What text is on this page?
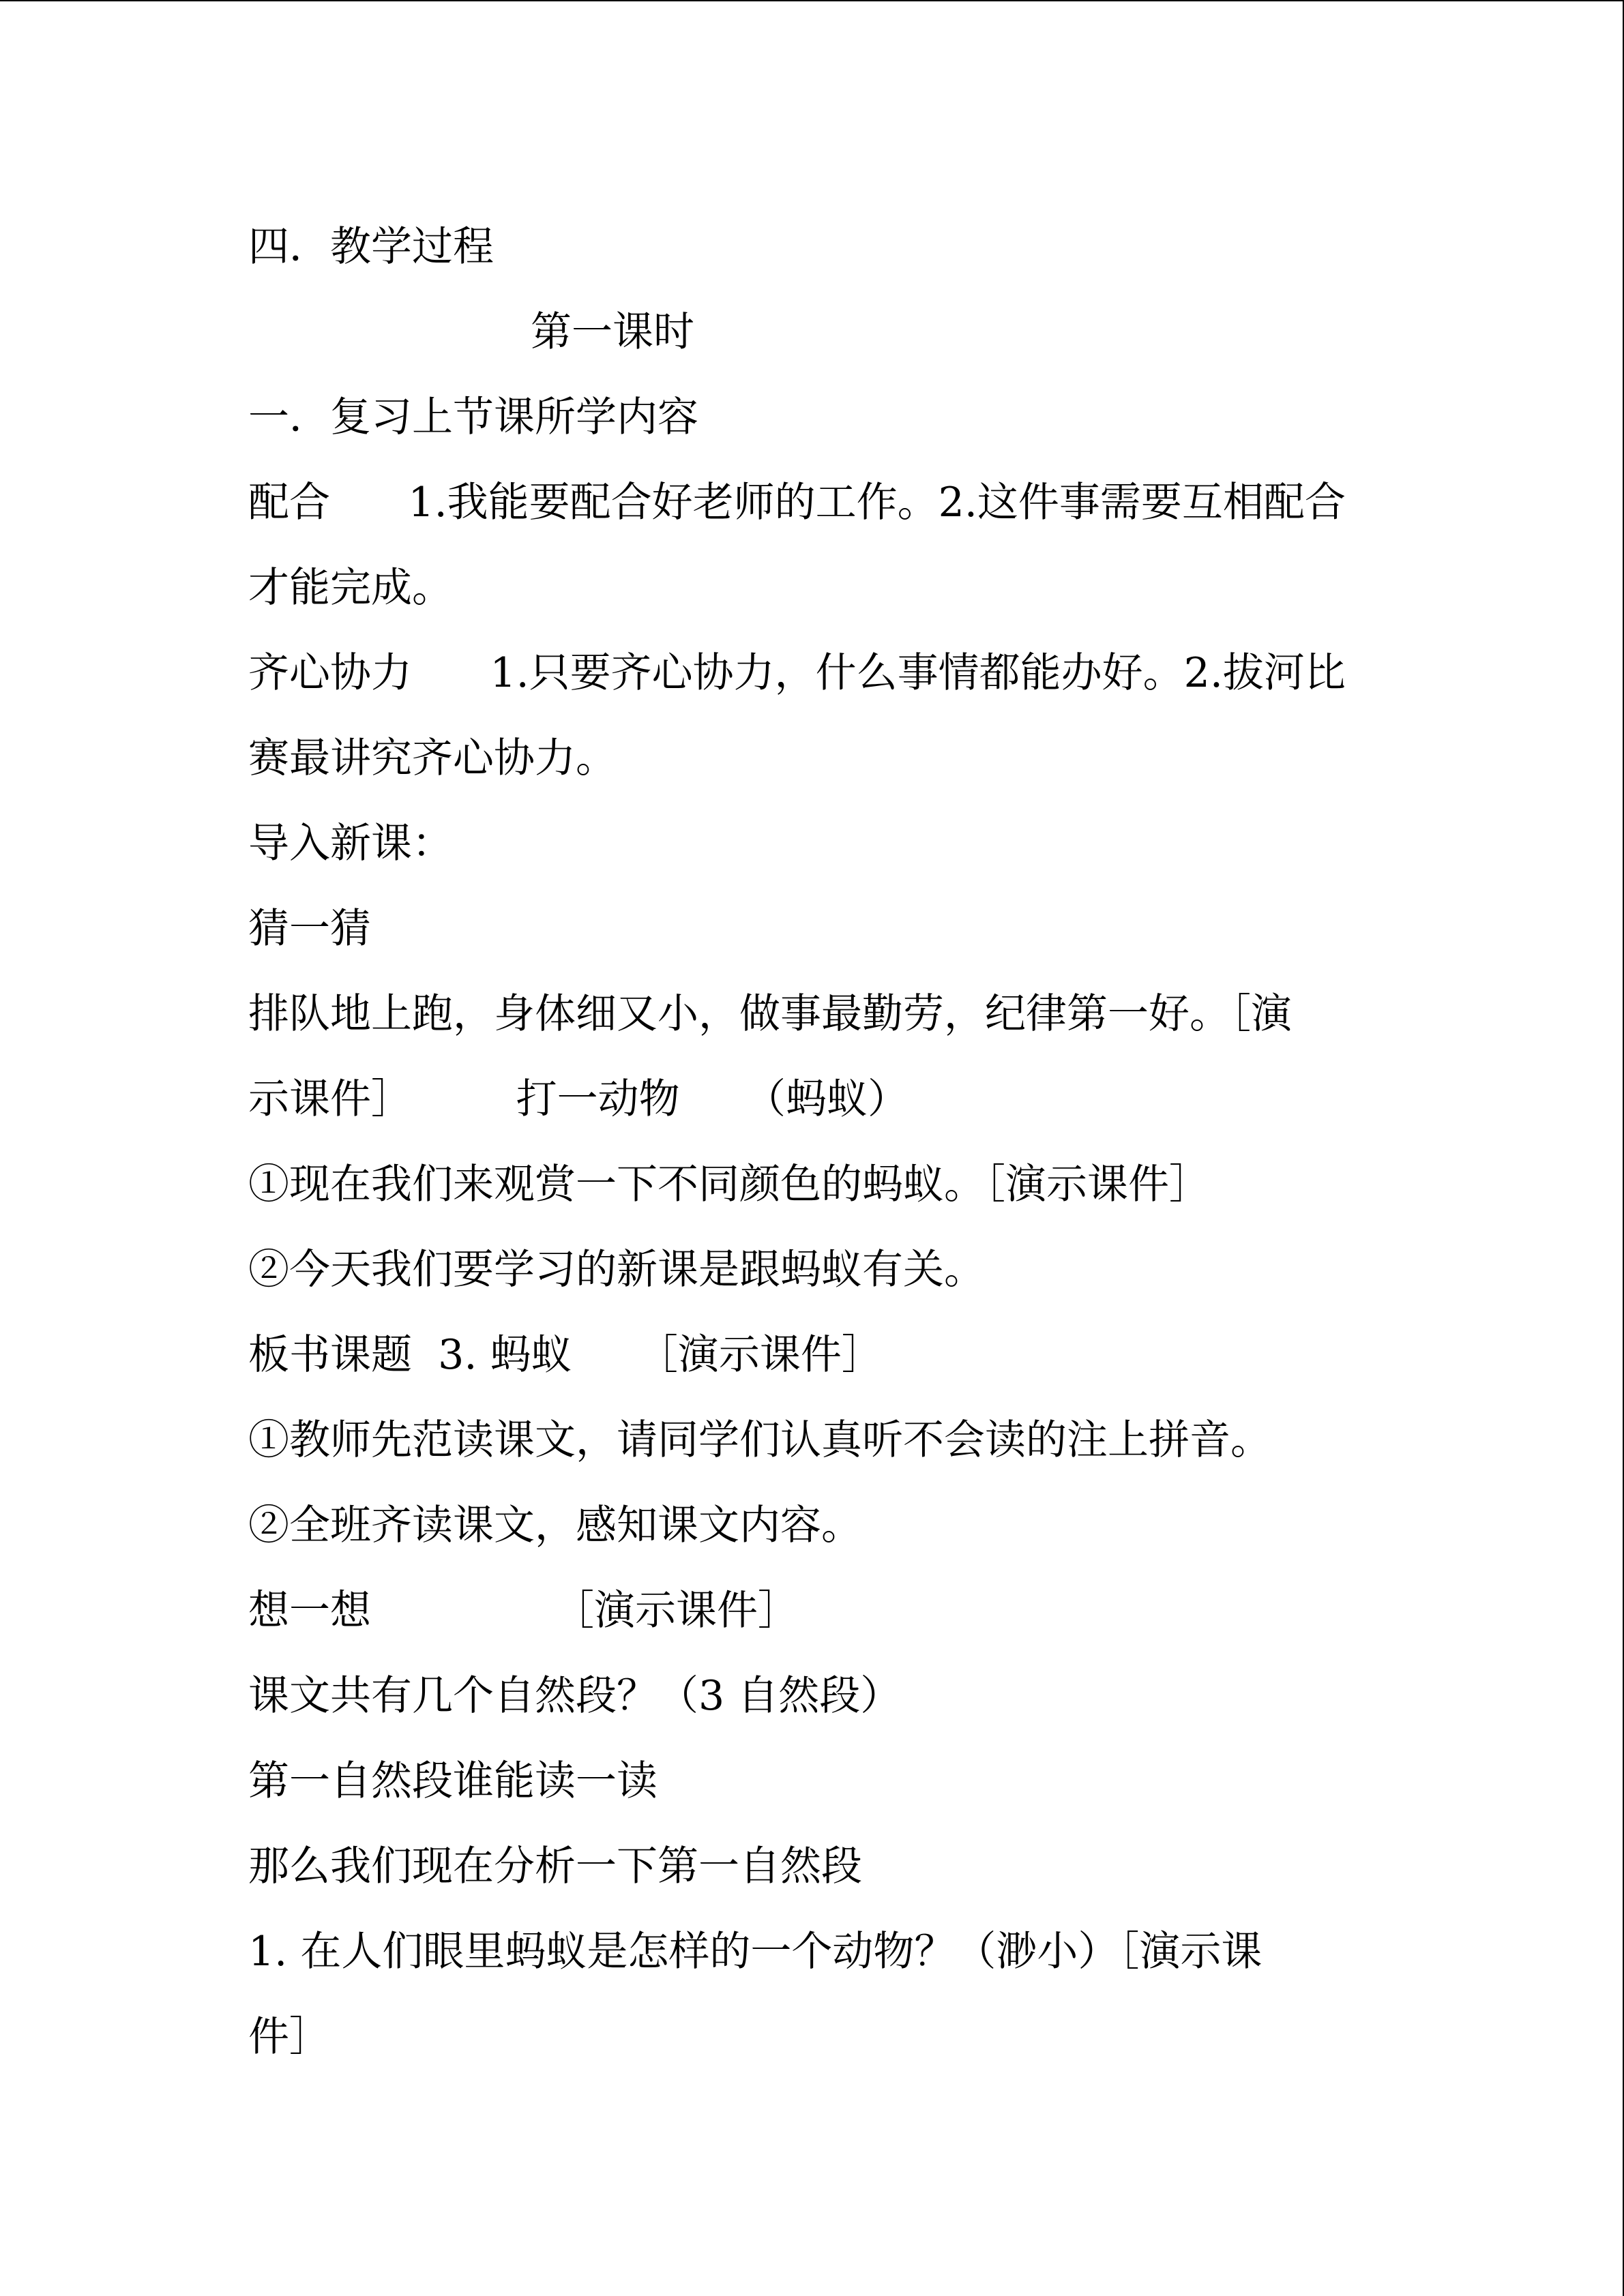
四．教学过程
第一课时
一．复习上节课所学内容
配合      1.我能要配合好老师的工作。2.这件事需要互相配合
才能完成。
齐心协力      1.只要齐心协力，什么事情都能办好。2.拔河比
赛最讲究齐心协力。
导入新课：
猜一猜
排队地上跑，身体细又小，做事最勤劳，纪律第一好。［演
示课件］        打一动物     （蚂蚁）
①现在我们来观赏一下不同颜色的蚂蚁。［演示课件］
②今天我们要学习的新课是跟蚂蚁有关。
板书课题  3. 蚂蚁     ［演示课件］
①教师先范读课文，请同学们认真听不会读的注上拼音。
②全班齐读课文，感知课文内容。
想一想              ［演示课件］
课文共有几个自然段？（3 自然段）
第一自然段谁能读一读
那么我们现在分析一下第一自然段
1. 在人们眼里蚂蚁是怎样的一个动物？（渺小）［演示课
件］
